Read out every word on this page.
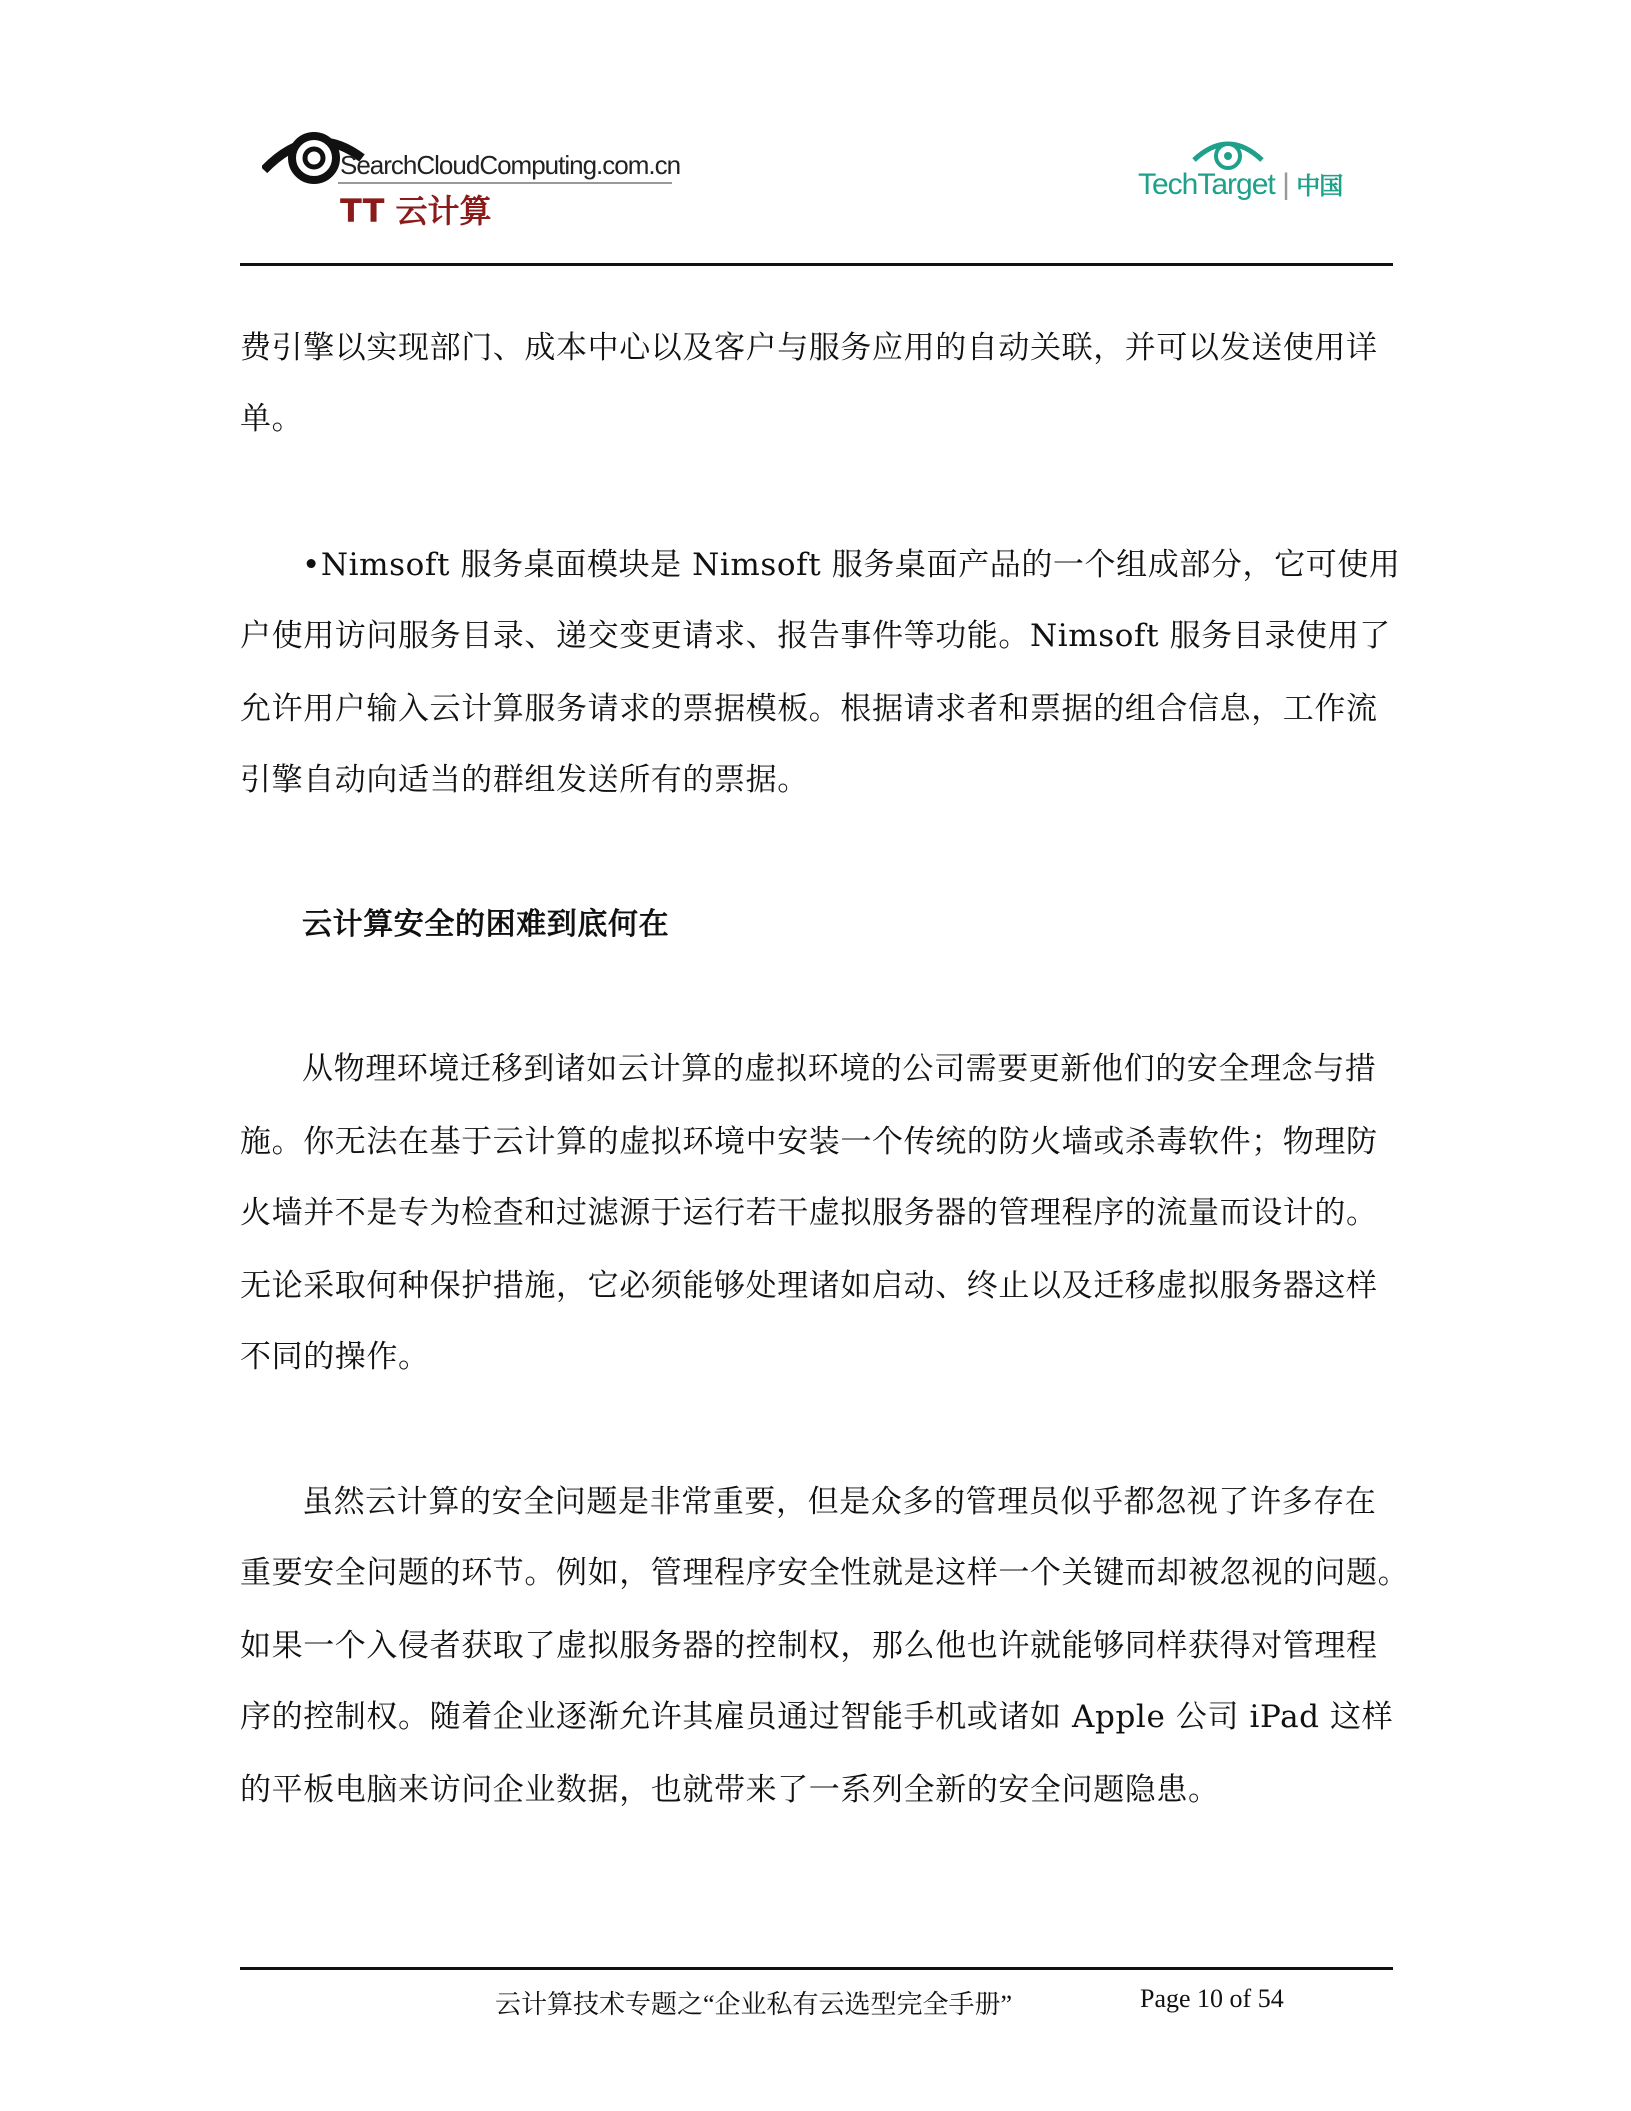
SearchCloudComputing.com.cn
TT 云计算
TechTarget | 中国
费引擎以实现部门、成本中心以及客户与服务应用的自动关联，并可以发送使用详
单。
•Nimsoft 服务桌面模块是 Nimsoft 服务桌面产品的一个组成部分，它可使用
户使用访问服务目录、递交变更请求、报告事件等功能。Nimsoft 服务目录使用了
允许用户输入云计算服务请求的票据模板。根据请求者和票据的组合信息，工作流
引擎自动向适当的群组发送所有的票据。
云计算安全的困难到底何在
从物理环境迁移到诸如云计算的虚拟环境的公司需要更新他们的安全理念与措
施。你无法在基于云计算的虚拟环境中安装一个传统的防火墙或杀毒软件；物理防
火墙并不是专为检查和过滤源于运行若干虚拟服务器的管理程序的流量而设计的。
无论采取何种保护措施，它必须能够处理诸如启动、终止以及迁移虚拟服务器这样
不同的操作。
虽然云计算的安全问题是非常重要，但是众多的管理员似乎都忽视了许多存在
重要安全问题的环节。例如，管理程序安全性就是这样一个关键而却被忽视的问题。
如果一个入侵者获取了虚拟服务器的控制权，那么他也许就能够同样获得对管理程
序的控制权。随着企业逐渐允许其雇员通过智能手机或诸如 Apple 公司 iPad 这样
的平板电脑来访问企业数据，也就带来了一系列全新的安全问题隐患。
云计算技术专题之“企业私有云选型完全手册”	Page 10 of 54
